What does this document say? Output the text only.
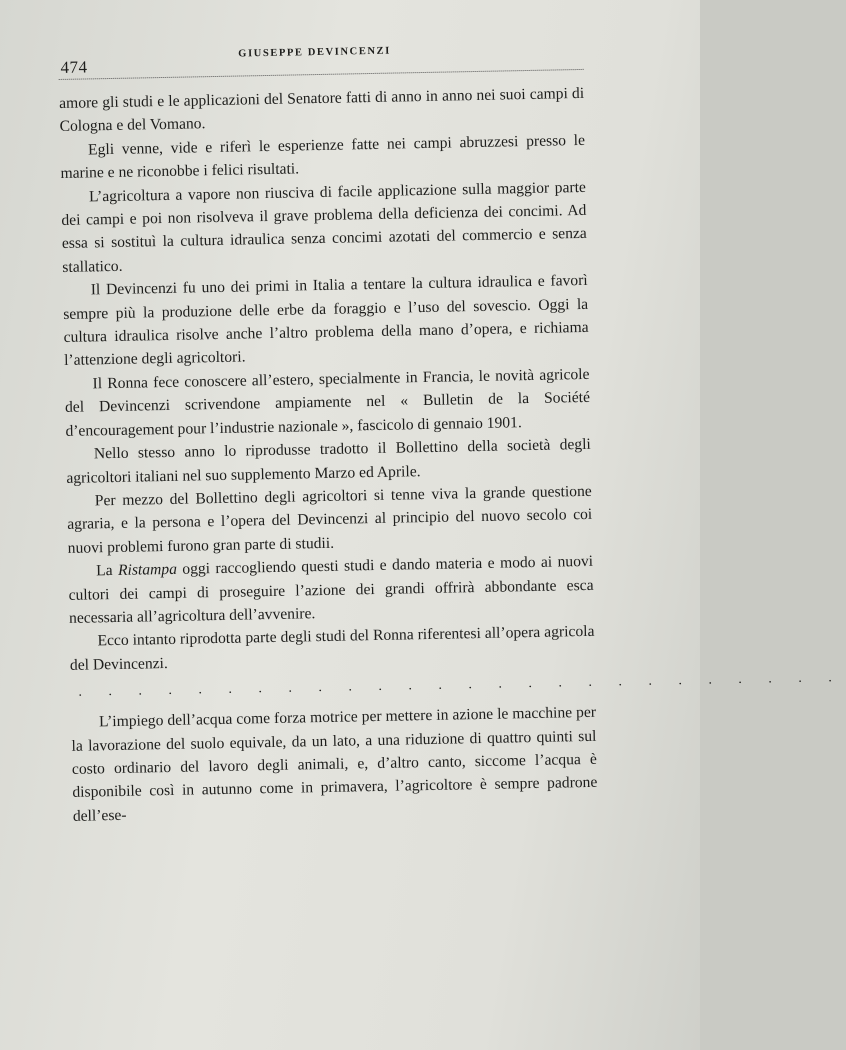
474
GIUSEPPE DEVINCENZI

amore gli studi e le applicazioni del Senatore fatti di anno in anno nei suoi campi di Cologna e del Vomano.

Egli venne, vide e riferì le esperienze fatte nei campi abruzzesi presso le marine e ne riconobbe i felici risultati.

L’agricoltura a vapore non riusciva di facile applicazione sulla maggior parte dei campi e poi non risolveva il grave problema della deficienza dei concimi. Ad essa si sostituì la cultura idraulica senza concimi azotati del commercio e senza stallatico.

Il Devincenzi fu uno dei primi in Italia a tentare la cultura idraulica e favorì sempre più la produzione delle erbe da foraggio e l’uso del sovescio. Oggi la cultura idraulica risolve anche l’altro problema della mano d’opera, e richiama l’attenzione degli agricoltori.

Il Ronna fece conoscere all’estero, specialmente in Francia, le novità agricole del Devincenzi scrivendone ampiamente nel « Bulletin de la Société d’encouragement pour l’industrie nazionale », fascicolo di gennaio 1901.

Nello stesso anno lo riprodusse tradotto il Bollettino della società degli agricoltori italiani nel suo supplemento Marzo ed Aprile.

Per mezzo del Bollettino degli agricoltori si tenne viva la grande questione agraria, e la persona e l’opera del Devincenzi al principio del nuovo secolo coi nuovi problemi furono gran parte di studii.

La Ristampa oggi raccogliendo questi studi e dando materia e modo ai nuovi cultori dei campi di proseguire l’azione dei grandi offrirà abbondante esca necessaria all’agricoltura dell’avvenire.

Ecco intanto riprodotta parte degli studi del Ronna riferentesi all’opera agricola del Devincenzi.

. . . . . . . . . . . . . . . . . . . . . . . . . .

L’impiego dell’acqua come forza motrice per mettere in azione le macchine per la lavorazione del suolo equivale, da un lato, a una riduzione di quattro quinti sul costo ordinario del lavoro degli animali, e, d’altro canto, siccome l’acqua è disponibile così in autunno come in primavera, l’agricoltore è sempre padrone dell’ese-
